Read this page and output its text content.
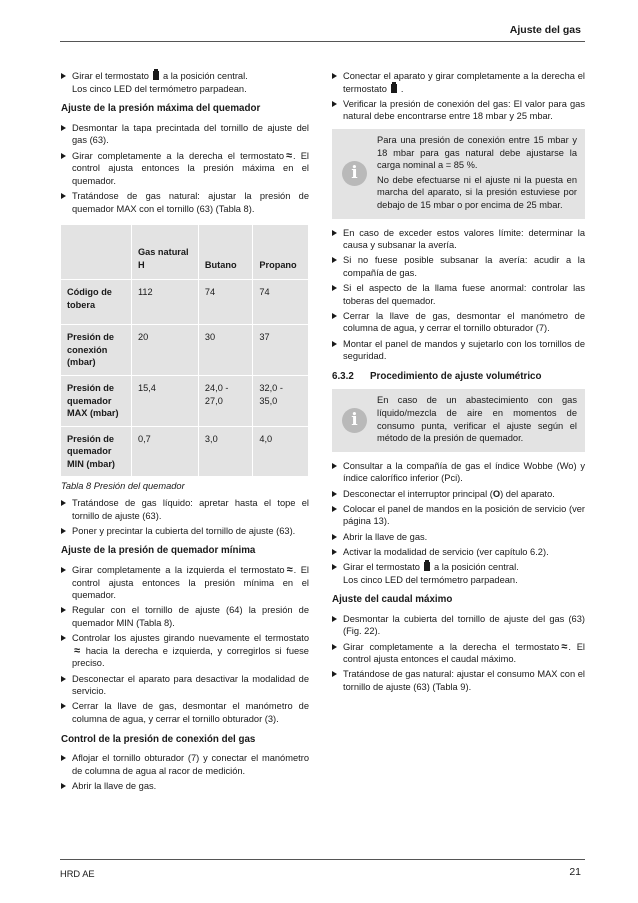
Ajuste del gas
Girar el termostato a la posición central.
Los cinco LED del termómetro parpadean.
Ajuste de la presión máxima del quemador
Desmontar la tapa precintada del tornillo de ajuste del gas (63).
Girar completamente a la derecha el termostato ≈ . El control ajusta entonces la presión máxima en el quemador.
Tratándose de gas natural: ajustar la presión de quemador MAX con el tornillo (63) (Tabla 8).
	Gas natural H	Butano	Propano
Código de tobera	112	74	74
Presión de conexión (mbar)	20	30	37
Presión de quemador MAX (mbar)	15,4	24,0 - 27,0	32,0 - 35,0
Presión de quemador MIN (mbar)	0,7	3,0	4,0
Tabla 8 Presión del quemador
Tratándose de gas líquido: apretar hasta el tope el tornillo de ajuste (63).
Poner y precintar la cubierta del tornillo de ajuste (63).
Ajuste de la presión de quemador mínima
Girar completamente a la izquierda el termostato ≈ . El control ajusta entonces la presión mínima en el quemador.
Regular con el tornillo de ajuste (64) la presión de quemador MIN (Tabla 8).
Controlar los ajustes girando nuevamente el termostato ≈ hacia la derecha e izquierda, y corregirlos si fuese preciso.
Desconectar el aparato para desactivar la modalidad de servicio.
Cerrar la llave de gas, desmontar el manómetro de columna de agua, y cerrar el tornillo obturador (3).
Control de la presión de conexión del gas
Aflojar el tornillo obturador (7) y conectar el manómetro de columna de agua al racor de medición.
Abrir la llave de gas.
Conectar el aparato y girar completamente a la derecha el termostato .
Verificar la presión de conexión del gas: El valor para gas natural debe encontrarse entre 18 mbar y 25 mbar.
i

Para una presión de conexión entre 15 mbar y 18 mbar para gas natural debe ajustarse la carga nominal a = 85 %.

No debe efectuarse ni el ajuste ni la puesta en marcha del aparato, si la presión estuviese por debajo de 15 mbar o por encima de 25 mbar.

En caso de exceder estos valores límite: determinar la causa y subsanar la avería.
Si no fuese posible subsanar la avería: acudir a la compañía de gas.
Si el aspecto de la llama fuese anormal: controlar las toberas del quemador.
Cerrar la llave de gas, desmontar el manómetro de columna de agua, y cerrar el tornillo obturador (7).
Montar el panel de mandos y sujetarlo con los tornillos de seguridad.
6.3.2	Procedimiento de ajuste volumétrico
i

En caso de un abastecimiento con gas líquido/mezcla de aire en momentos de consumo punta, verificar el ajuste según el método de la presión de quemador.

Consultar a la compañía de gas el índice Wobbe (Wo) y índice calorífico inferior (Pci).
Desconectar el interruptor principal (O) del aparato.
Colocar el panel de mandos en la posición de servicio (ver página 13).
Abrir la llave de gas.
Activar la modalidad de servicio (ver capítulo 6.2).
Girar el termostato a la posición central.
Los cinco LED del termómetro parpadean.
Ajuste del caudal máximo
Desmontar la cubierta del tornillo de ajuste del gas (63) (Fig. 22).
Girar completamente a la derecha el termostato ≈ . El control ajusta entonces el caudal máximo.
Tratándose de gas natural: ajustar el consumo MAX con el tornillo de ajuste (63) (Tabla 9).
HRD AE	21
